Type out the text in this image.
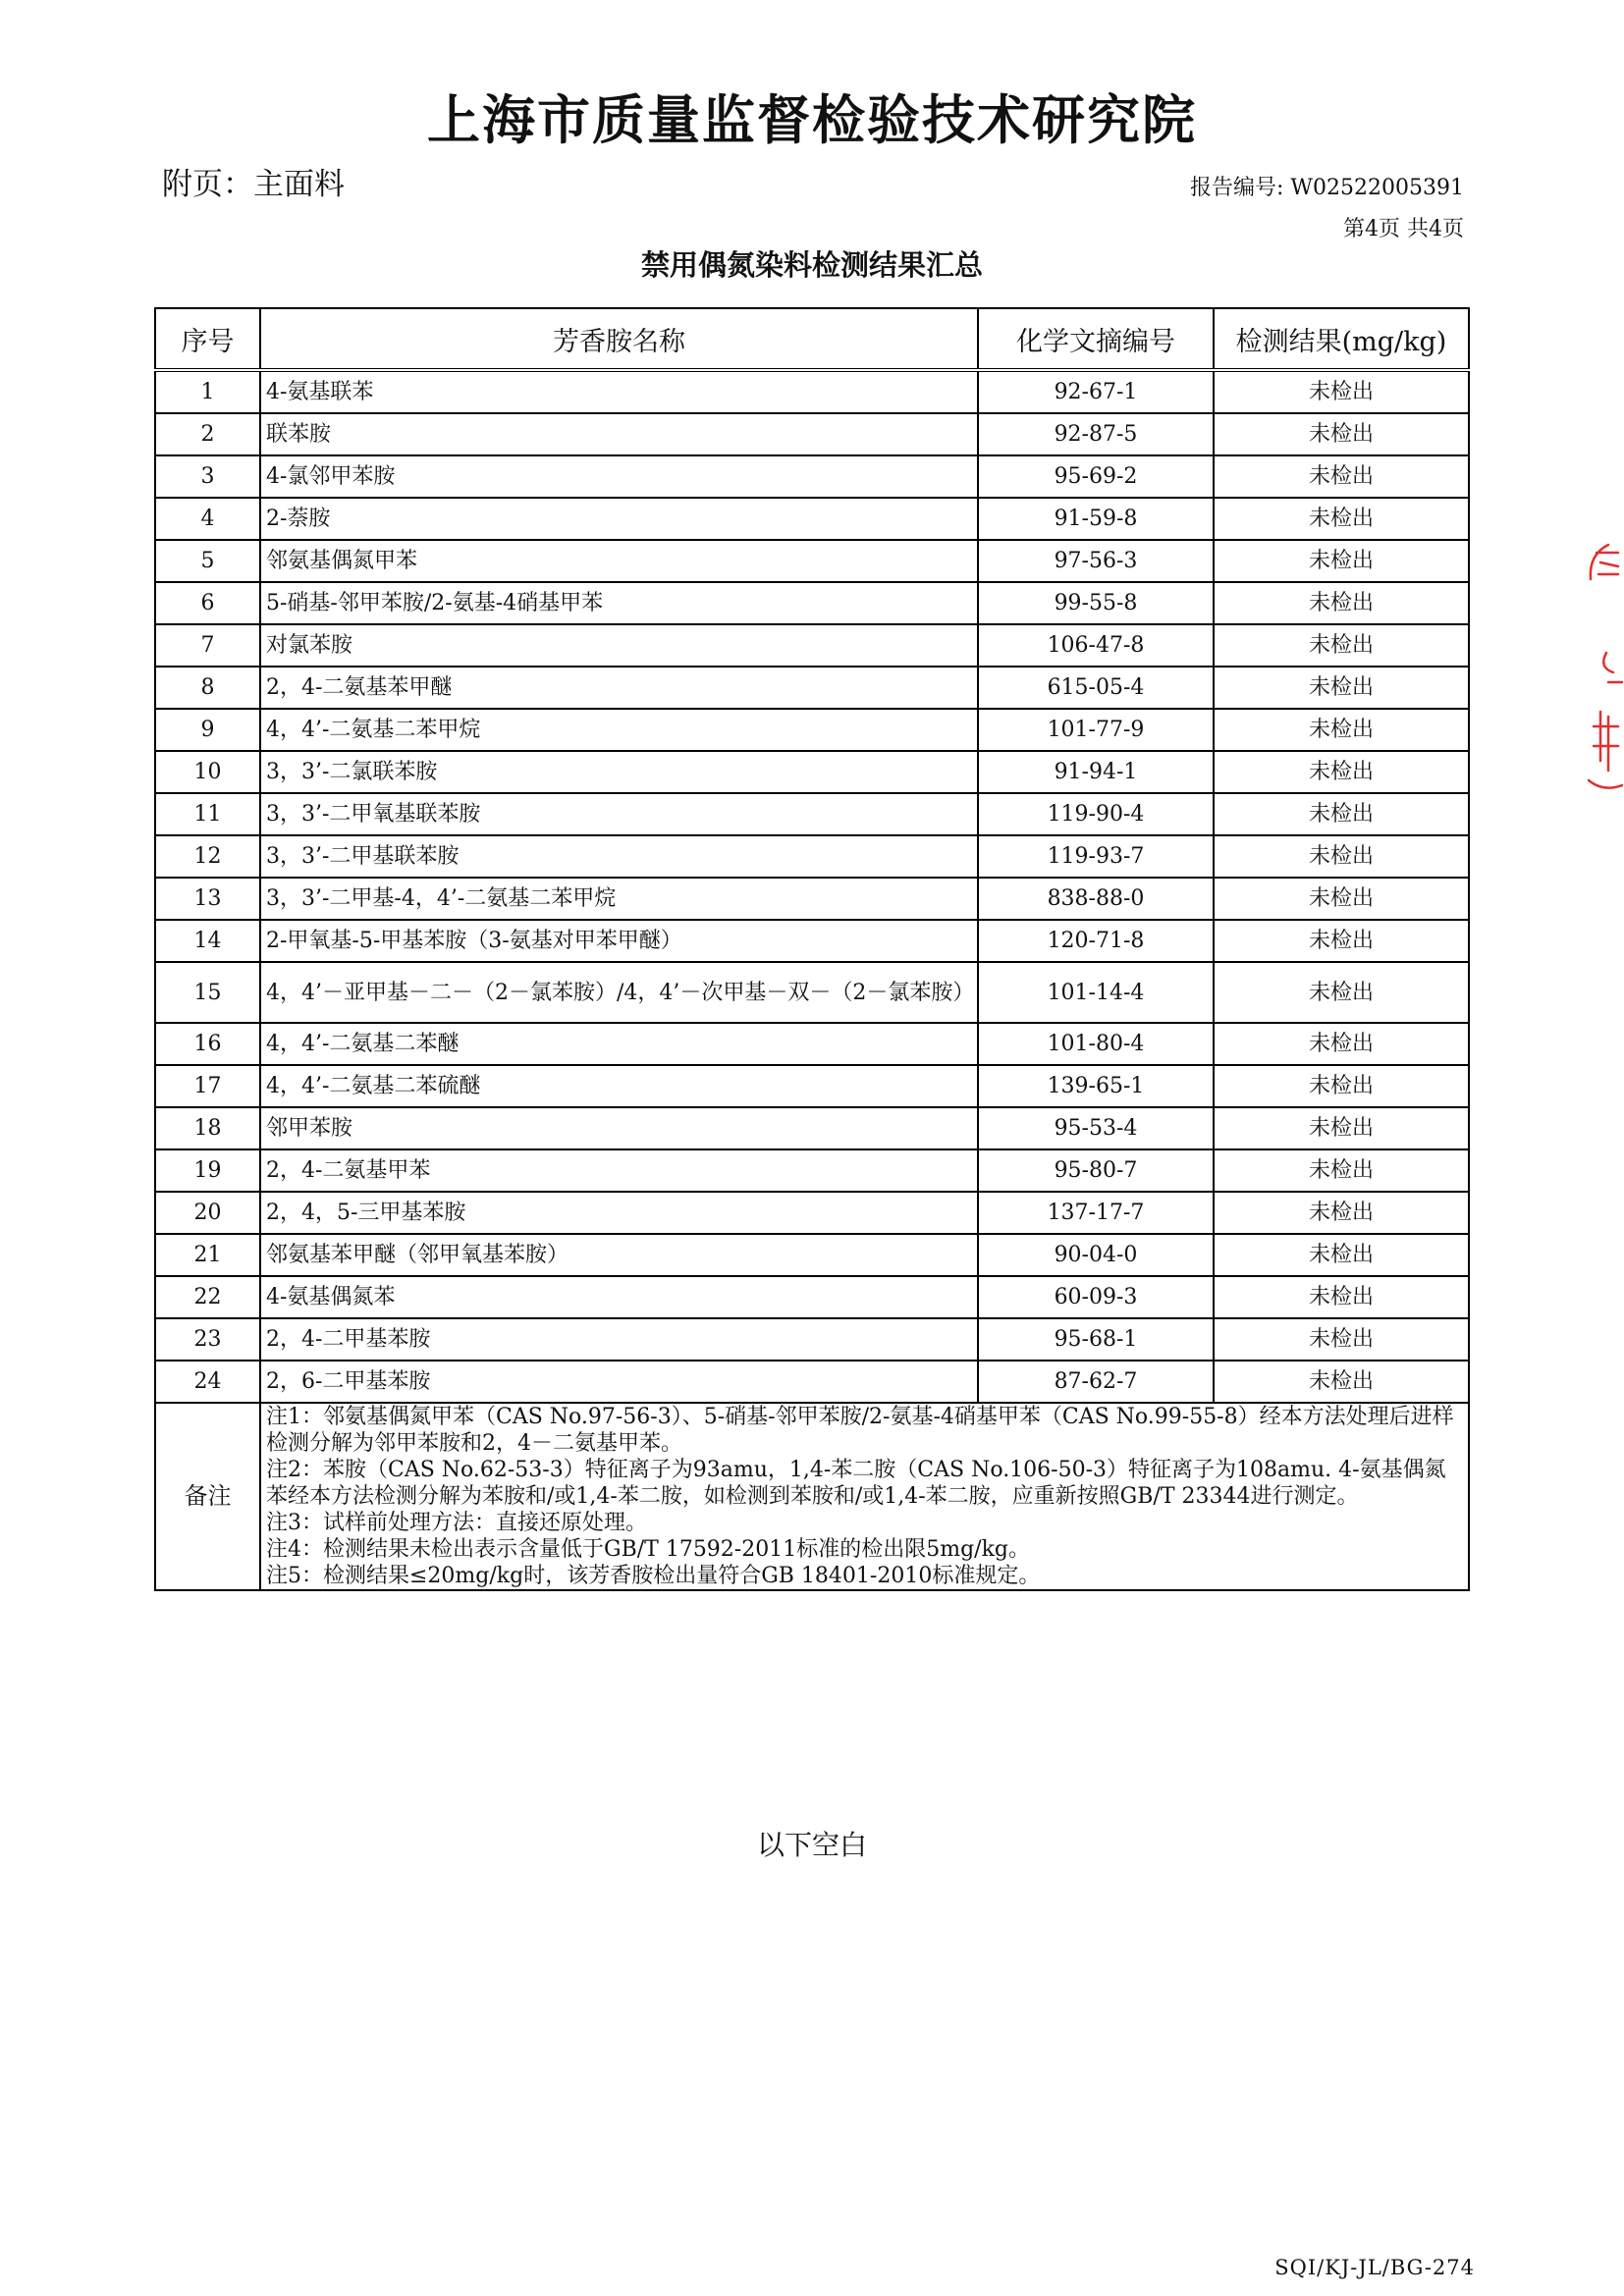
上海市质量监督检验技术研究院
附页：主面料	报告编号: W02522005391
第4页 共4页
禁用偶氮染料检测结果汇总
序号	芳香胺名称	化学文摘编号	检测结果(mg/kg)
1	4-氨基联苯	92-67-1	未检出
2	联苯胺	92-87-5	未检出
3	4-氯邻甲苯胺	95-69-2	未检出
4	2-萘胺	91-59-8	未检出
5	邻氨基偶氮甲苯	97-56-3	未检出
6	5-硝基-邻甲苯胺/2-氨基-4硝基甲苯	99-55-8	未检出
7	对氯苯胺	106-47-8	未检出
8	2，4-二氨基苯甲醚	615-05-4	未检出
9	4，4’-二氨基二苯甲烷	101-77-9	未检出
10	3，3’-二氯联苯胺	91-94-1	未检出
11	3，3’-二甲氧基联苯胺	119-90-4	未检出
12	3，3’-二甲基联苯胺	119-93-7	未检出
13	3，3’-二甲基-4，4’-二氨基二苯甲烷	838-88-0	未检出
14	2-甲氧基-5-甲基苯胺（3-氨基对甲苯甲醚）	120-71-8	未检出
15	4，4’－亚甲基－二－（2－氯苯胺）/4，4’－次甲基－双－（2－氯苯胺）	101-14-4	未检出
16	4，4’-二氨基二苯醚	101-80-4	未检出
17	4，4’-二氨基二苯硫醚	139-65-1	未检出
18	邻甲苯胺	95-53-4	未检出
19	2，4-二氨基甲苯	95-80-7	未检出
20	2，4，5-三甲基苯胺	137-17-7	未检出
21	邻氨基苯甲醚（邻甲氧基苯胺）	90-04-0	未检出
22	4-氨基偶氮苯	60-09-3	未检出
23	2，4-二甲基苯胺	95-68-1	未检出
24	2，6-二甲基苯胺	87-62-7	未检出
备注	注1：邻氨基偶氮甲苯（CAS No.97-56-3）、5-硝基-邻甲苯胺/2-氨基-4硝基甲苯（CAS No.99-55-8）经本方法处理后进样检测分解为邻甲苯胺和2，4－二氨基甲苯。
注2：苯胺（CAS No.62-53-3）特征离子为93amu，1,4-苯二胺（CAS No.106-50-3）特征离子为108amu. 4-氨基偶氮苯经本方法检测分解为苯胺和/或1,4-苯二胺，如检测到苯胺和/或1,4-苯二胺，应重新按照GB/T 23344进行测定。
注3：试样前处理方法：直接还原处理。
注4：检测结果未检出表示含量低于GB/T 17592-2011标准的检出限5mg/kg。
注5：检测结果≤20mg/kg时，该芳香胺检出量符合GB 18401-2010标准规定。		
以下空白
SQI/KJ-JL/BG-274
